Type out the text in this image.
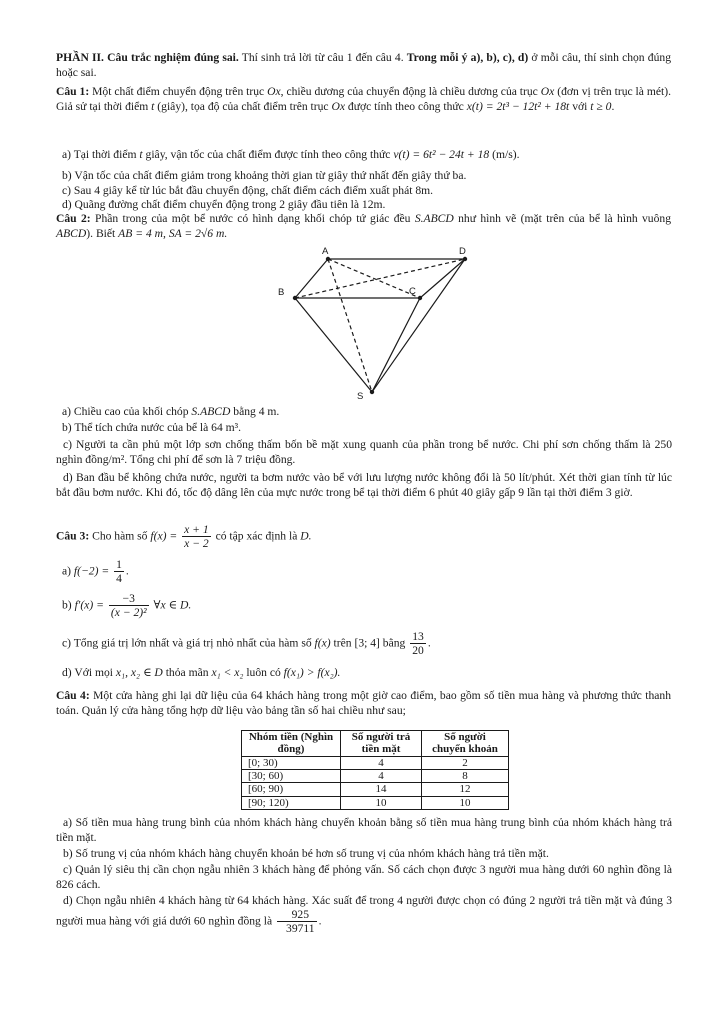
PHẦN II. Câu trắc nghiệm đúng sai. Thí sinh trả lời từ câu 1 đến câu 4. Trong mỗi ý a), b), c), d) ở mỗi câu, thí sinh chọn đúng hoặc sai.

Câu 1: Một chất điểm chuyển động trên trục Ox, chiều dương của chuyển động là chiều dương của trục Ox (đơn vị trên trục là mét). Giả sử tại thời điểm t (giây), tọa độ của chất điểm trên trục Ox được tính theo công thức x(t) = 2t³ − 12t² + 18t với t ≥ 0.

a) Tại thời điểm t giây, vận tốc của chất điểm được tính theo công thức v(t) = 6t² − 24t + 18 (m/s).

b) Vận tốc của chất điểm giảm trong khoảng thời gian từ giây thứ nhất đến giây thứ ba.

c) Sau 4 giây kể từ lúc bắt đầu chuyển động, chất điểm cách điểm xuất phát 8m.

d) Quãng đường chất điểm chuyển động trong 2 giây đầu tiên là 12m.

Câu 2: Phần trong của một bể nước có hình dạng khối chóp tứ giác đều S.ABCD như hình vẽ (mặt trên của bể là hình vuông ABCD). Biết AB = 4 m, SA = 2√6 m.

A	D
B	C
S

a) Chiều cao của khối chóp S.ABCD bằng 4 m.

b) Thể tích chứa nước của bể là 64 m³.

c) Người ta cần phủ một lớp sơn chống thấm bốn bề mặt xung quanh của phần trong bể nước. Chi phí sơn chống thấm là 250 nghìn đồng/m². Tổng chi phí để sơn là 7 triệu đồng.

d) Ban đầu bể không chứa nước, người ta bơm nước vào bể với lưu lượng nước không đổi là 50 lít/phút. Xét thời gian tính từ lúc bắt đầu bơm nước. Khi đó, tốc độ dâng lên của mực nước trong bể tại thời điểm 6 phút 40 giây gấp 9 lần tại thời điểm 3 giờ.

Câu 3: Cho hàm số $f(x) = \frac{x + 1}{x - 2}$ có tập xác định là D.

a) $f(-2) = \frac{1}{4}$ .

b) $f'(x) = \frac{-3}{\text{(x − 2)²}}$ ∀x ∈ D.

c) Tổng giá trị lớn nhất và giá trị nhỏ nhất của hàm số f(x) trên [3; 4] bằng $\frac{13}{20}$ .

d) Với mọi x₁, x₂ ∈ D thỏa mãn x₁ < x₂ luôn có f(x₁) > f(x₂).

Câu 4: Một cửa hàng ghi lại dữ liệu của 64 khách hàng trong một giờ cao điểm, bao gồm số tiền mua hàng và phương thức thanh toán. Quản lý cửa hàng tổng hợp dữ liệu vào bảng tần số hai chiều như sau;

Nhóm tiền (Nghìn đồng)	Số người trả tiền mặt	Số người chuyển khoản
[0; 30)	4	2
[30; 60)	4	8
[60; 90)	14	12
[90; 120)	10	10

a) Số tiền mua hàng trung bình của nhóm khách hàng chuyển khoản bằng số tiền mua hàng trung bình của nhóm khách hàng trả tiền mặt.

b) Số trung vị của nhóm khách hàng chuyển khoản bé hơn số trung vị của nhóm khách hàng trả tiền mặt.

c) Quản lý siêu thị cần chọn ngẫu nhiên 3 khách hàng để phỏng vấn. Số cách chọn được 3 người mua hàng dưới 60 nghìn đồng là 826 cách.

d) Chọn ngẫu nhiên 4 khách hàng từ 64 khách hàng. Xác suất để trong 4 người được chọn có đúng 2 người trả tiền mặt và đúng 3 người mua hàng với giá dưới 60 nghìn đồng là $\frac{925}{39711}$ .
